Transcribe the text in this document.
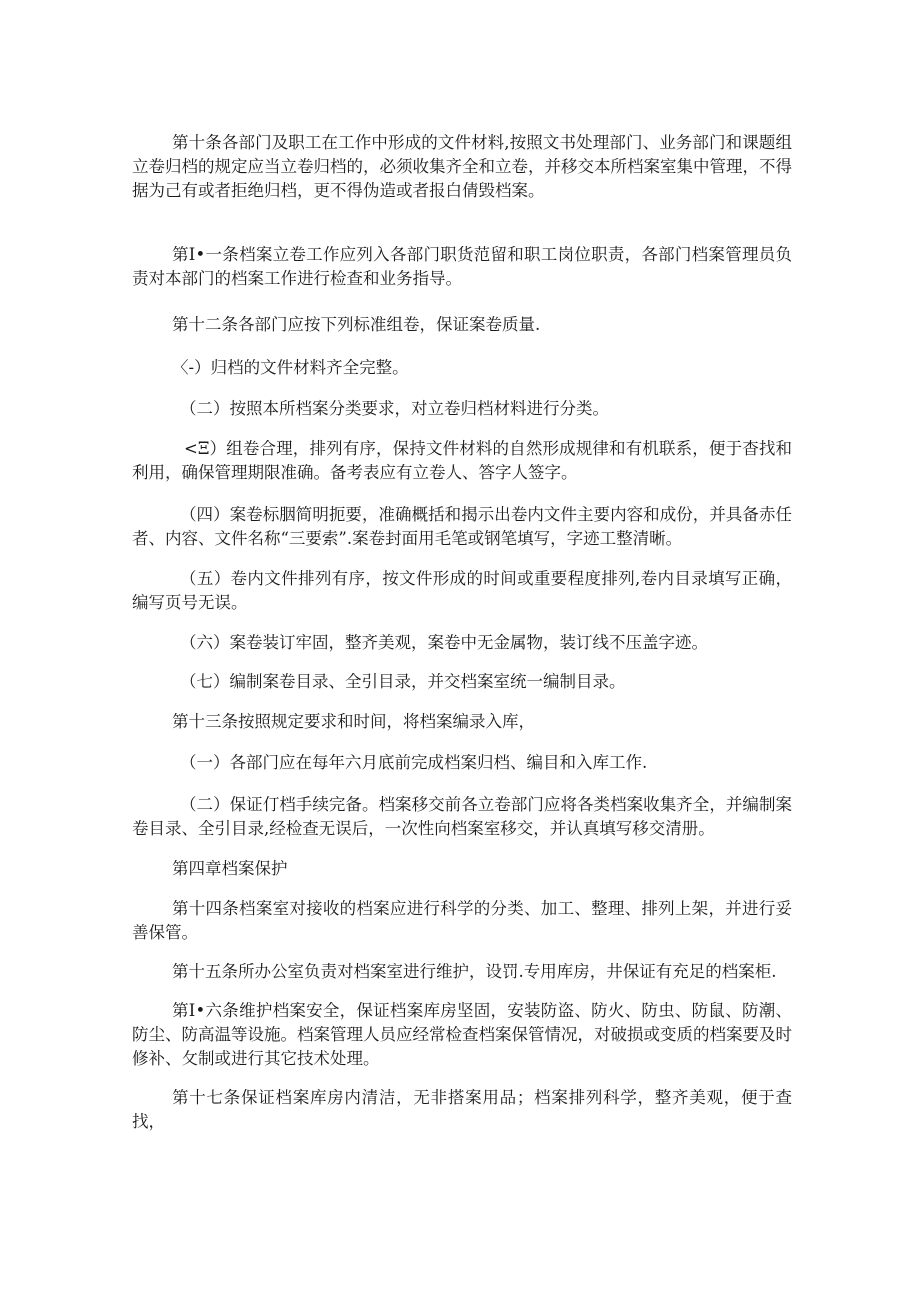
第十条各部门及职工在工作中形成的文件材料,按照文书处理部门、业务部门和课题组立卷归档的规定应当立卷归档的，必须收集齐全和立卷，并移交本所档案室集中管理，不得据为己有或者拒绝归档，更不得伪造或者报白倩毁档案。

第Ⅰ•一条档案立卷工作应列入各部门职货范留和职工岗位职责，各部门档案管理员负责对本部门的档案工作进行检查和业务指导。

第十二条各部门应按下列标准组卷，保证案卷质量.

〈-）归档的文件材料齐全完整。

（二）按照本所档案分类要求，对立卷归档材料进行分类。

<Ξ）组卷合理，排列有序，保持文件材料的自然形成规律和有机联系，便于杳找和利用，确保管理期限准确。备考表应有立卷人、答字人签字。

（四）案卷标胭简明扼要，准确概括和揭示出卷内文件主要内容和成份，并具备赤任者、内容、文件名称“三要索”.案卷封面用毛笔或钢笔填写，字迹工整清晰。

（五）卷内文件排列有序，按文件形成的时间或重要程度排列,卷内目录填写正确，编写页号无误。

（六）案卷装订牢固，整齐美观，案卷中无金属物，装订线不压盖字迹。

（七）编制案卷目录、全引目录，并交档案室统一编制目录。

第十三条按照规定要求和时间，将档案编录入库，

（一）各部门应在每年六月底前完成档案归档、编目和入库工作.

（二）保证仃档手续完备。档案移交前各立卷部门应将各类档案收集齐全，并编制案卷目录、全引目录,经检查无误后，一次性向档案室移交，并认真填写移交清册。

第四章档案保护

第十四条档案室对接收的档案应进行科学的分类、加工、整理、排列上架，并进行妥善保管。

第十五条所办公室负责对档案室进行维护，设罚.专用库房，井保证有充足的档案柜.

第Ⅰ•六条维护档案安全，保证档案库房坚固，安装防盗、防火、防虫、防鼠、防潮、防尘、防高温等设施。档案管理人员应经常检查档案保管情况，对破损或变质的档案要及时修补、攵制或进行其它技术处理。

第十七条保证档案库房内清洁，无非搭案用品；档案排列科学，整齐美观，便于查找，
